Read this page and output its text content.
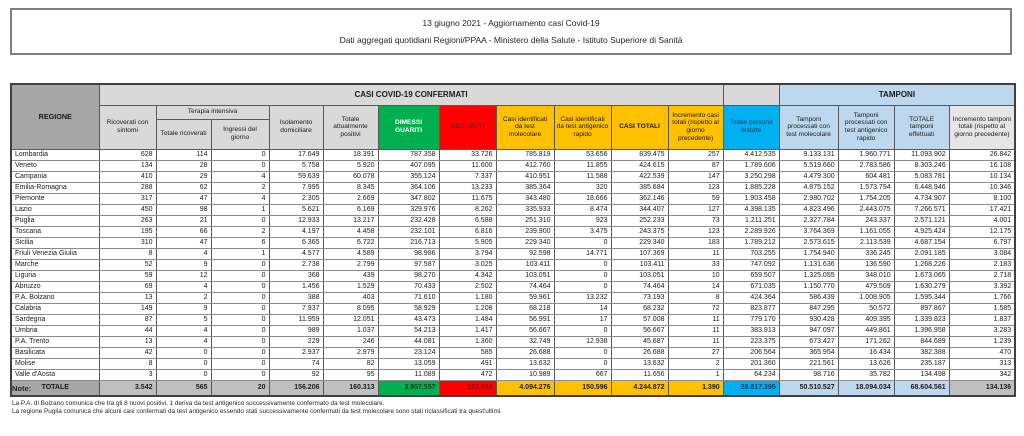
13 giugno 2021 - Aggiornamento casi Covid-19
Dati aggregati quotidiani Regioni/PPAA - Ministero della Salute - Istituto Superiore di Sanità
REGIONE	CASI COVID-19 CONFERMATI												TAMPONI			
	Ricoverati con sintomi	Terapia intensiva		Isolamento domiciliare	Totale attualmente positivi	DIMESSI GUARITI	DECEDUTI	Casi identificati da test molecolare	Casi identificati da test antigenico rapido	CASI TOTALI	Incremento casi totali (rispetto al giorno precedente)	Totale persone testate	Tamponi processati con test molecolare	Tamponi processati con test antigenico rapido	TOTALE tamponi effettuati	Incremento tamponi totali (rispetto al giorno precedente)
		Totale ricoverati	Ingressi del giorno													
Lombardia	628	114	0	17.649	18.391	787.358	33.726	785.819	53.656	839.475	257	4.412.535	9.133.131	1.960.771	11.093.902	26.842
Veneto	134	28	0	5.758	5.920	407.095	11.600	412.760	11.855	424.615	87	1.789.606	5.519.660	2.783.586	8.303.246	16.108
Campania	410	29	4	59.639	60.078	355.124	7.337	410.951	11.588	422.539	147	3.250.298	4.479.300	604.481	5.083.781	10.134
Emilia-Romagna	288	62	2	7.995	8.345	364.106	13.233	385.364	320	385.684	123	1.885.228	4.875.152	1.573.794	6.448.946	10.346
Piemonte	317	47	4	2.305	2.669	347.802	11.675	343.480	18.666	362.146	59	1.903.458	2.980.702	1.754.205	4.734.907	8.100
Lazio	450	98	1	5.621	6.169	329.976	8.262	335.933	8.474	344.407	127	4.398.135	4.823.496	2.443.075	7.266.571	17.421
Puglia	263	21	0	12.933	13.217	232.428	6.588	251.310	923	252.233	73	1.211.251	2.327.784	243.337	2.571.121	4.001
Toscana	195	66	2	4.197	4.458	232.101	6.816	239.900	3.475	243.375	123	2.289.926	3.764.369	1.161.055	4.925.424	12.175
Sicilia	310	47	6	6.365	6.722	216.713	5.905	229.340	0	229.340	183	1.789.212	2.573.615	2.113.539	4.687.154	6.797
Friuli Venezia Giulia	8	4	1	4.577	4.589	98.986	3.794	92.598	14.771	107.369	11	703.255	1.754.940	336.245	2.091.185	3.084
Marche	52	9	0	2.738	2.799	97.587	3.025	103.411	0	103.411	33	747.092	1.131.636	136.590	1.268.226	2.183
Liguria	59	12	0	368	439	98.270	4.342	103.051	0	103.051	10	659.507	1.325.055	348.010	1.673.065	2.718
Abruzzo	69	4	0	1.456	1.529	70.433	2.502	74.464	0	74.464	14	671.035	1.150.770	479.509	1.630.279	3.392
P.A. Bolzano	13	2	0	388	403	71.610	1.180	59.961	13.232	73.193	8	424.364	586.439	1.008.905	1.595.344	1.766
Calabria	149	9	0	7.937	8.095	58.929	1.208	68.218	14	68.232	72	823.877	847.295	50.572	897.867	1.585
Sardegna	87	5	0	11.959	12.051	43.473	1.484	56.991	17	57.008	11	779.170	930.428	409.395	1.339.823	1.837
Umbria	44	4	0	989	1.037	54.213	1.417	56.667	0	56.667	11	383.913	947.097	449.861	1.396.958	3.283
P.A. Trento	13	4	0	229	246	44.081	1.360	32.749	12.938	45.687	11	223.375	673.427	171.262	844.689	1.239
Basilicata	42	0	0	2.937	2.979	23.124	585	26.688	0	26.688	27	206.564	365.954	16.434	382.388	470
Molise	8	0	0	74	82	13.059	491	13.632	0	13.632	2	201.360	221.561	13.626	235.187	313
Valle d'Aosta	3	0	0	92	95	11.089	472	10.989	667	11.656	1	64.234	98.716	35.782	134.498	342
TOTALE	3.542	565	20	156.206	160.313	3.957.557	127.002	4.094.276	150.596	4.244.872	1.390	28.817.395	50.510.527	18.094.034	68.604.561	134.136
Note:
La P.A. di Bolzano comunica che tra gli 8 nuovi positivi, 1 deriva da test antigenico successivamente confermato da test molecolare.
La regione Puglia comunica che alcuni casi confermati da test antigenico essendo stati successivamente confermati da test molecolare sono stati riclassificati tra quest'ultimi.
